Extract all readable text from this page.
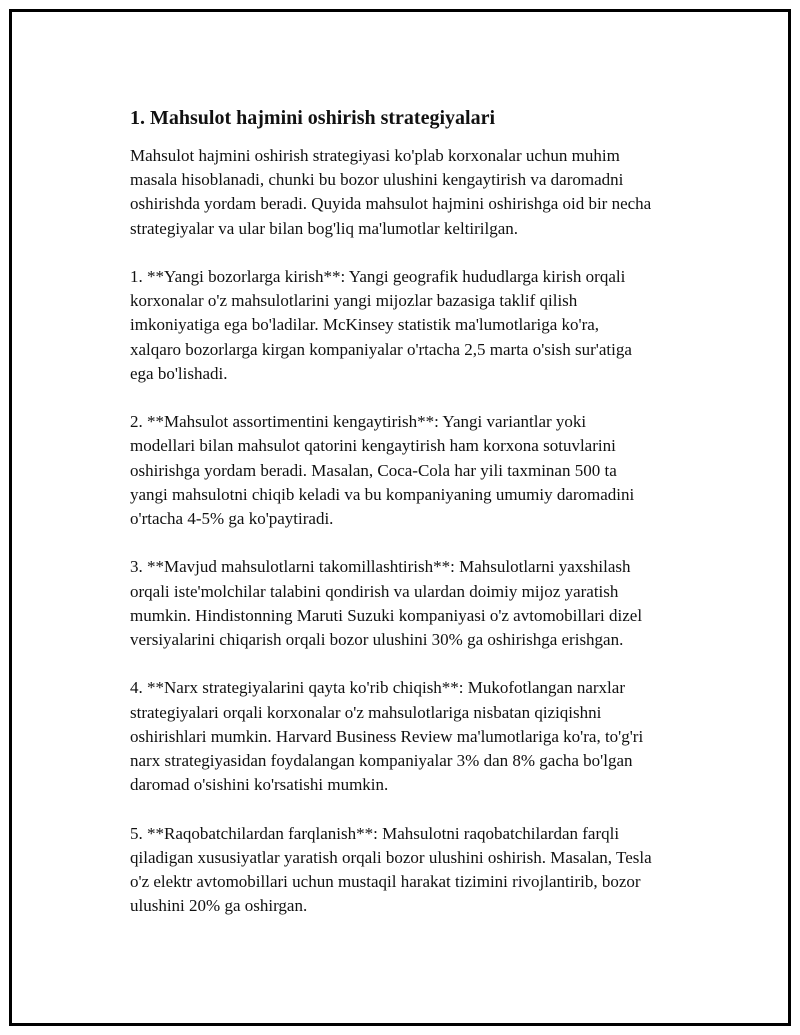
1. Mahsulot hajmini oshirish strategiyalari

Mahsulot hajmini oshirish strategiyasi ko'plab korxonalar uchun muhim
masala hisoblanadi, chunki bu bozor ulushini kengaytirish va daromadni
oshirishda yordam beradi. Quyida mahsulot hajmini oshirishga oid bir necha
strategiyalar va ular bilan bog'liq ma'lumotlar keltirilgan.

1. **Yangi bozorlarga kirish**: Yangi geografik hududlarga kirish orqali
korxonalar o'z mahsulotlarini yangi mijozlar bazasiga taklif qilish
imkoniyatiga ega bo'ladilar. McKinsey statistik ma'lumotlariga ko'ra,
xalqaro bozorlarga kirgan kompaniyalar o'rtacha 2,5 marta o'sish sur'atiga
ega bo'lishadi.

2. **Mahsulot assortimentini kengaytirish**: Yangi variantlar yoki
modellari bilan mahsulot qatorini kengaytirish ham korxona sotuvlarini
oshirishga yordam beradi. Masalan, Coca-Cola har yili taxminan 500 ta
yangi mahsulotni chiqib keladi va bu kompaniyaning umumiy daromadini
o'rtacha 4-5% ga ko'paytiradi.

3. **Mavjud mahsulotlarni takomillashtirish**: Mahsulotlarni yaxshilash
orqali iste'molchilar talabini qondirish va ulardan doimiy mijoz yaratish
mumkin. Hindistonning Maruti Suzuki kompaniyasi o'z avtomobillari dizel
versiyalarini chiqarish orqali bozor ulushini 30% ga oshirishga erishgan.

4. **Narx strategiyalarini qayta ko'rib chiqish**: Mukofotlangan narxlar
strategiyalari orqali korxonalar o'z mahsulotlariga nisbatan qiziqishni
oshirishlari mumkin. Harvard Business Review ma'lumotlariga ko'ra, to'g'ri
narx strategiyasidan foydalangan kompaniyalar 3% dan 8% gacha bo'lgan
daromad o'sishini ko'rsatishi mumkin.

5. **Raqobatchilardan farqlanish**: Mahsulotni raqobatchilardan farqli
qiladigan xususiyatlar yaratish orqali bozor ulushini oshirish. Masalan, Tesla
o'z elektr avtomobillari uchun mustaqil harakat tizimini rivojlantirib, bozor
ulushini 20% ga oshirgan.
